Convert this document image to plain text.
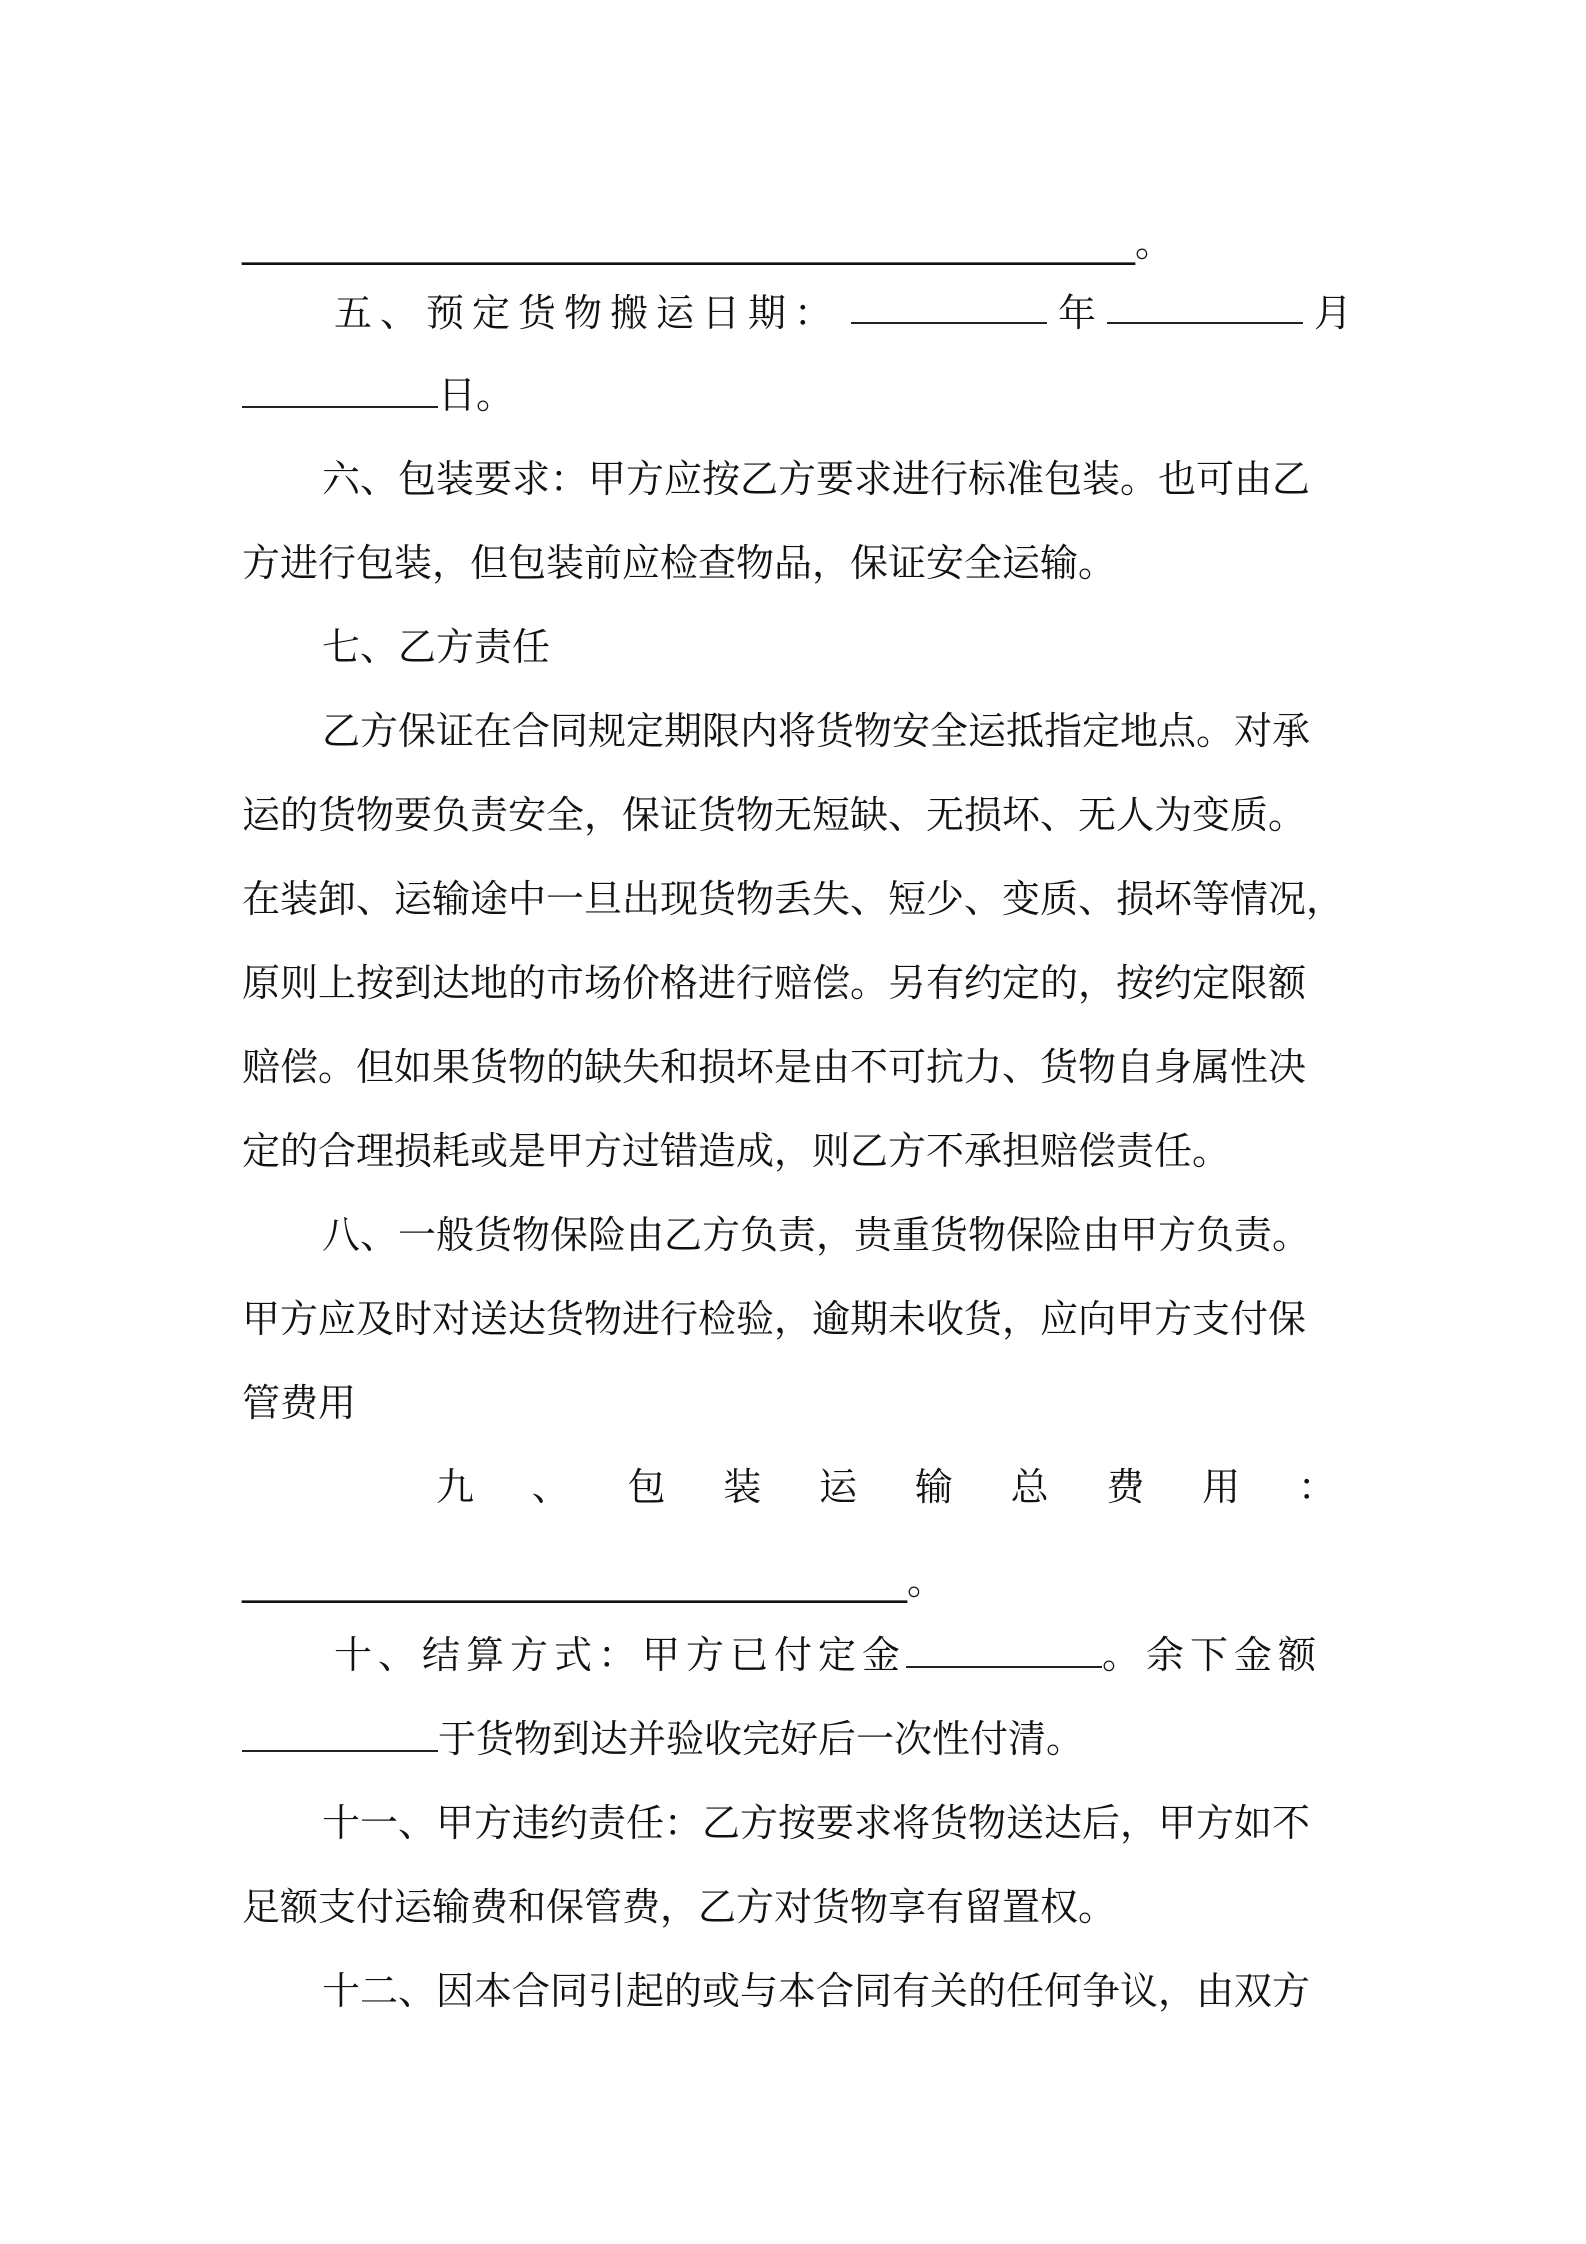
_______________________________________________。
五、预定货物搬运日期：	年	月
日。
六、包装要求：甲方应按乙方要求进行标准包装。也可由乙
方进行包装，但包装前应检查物品，保证安全运输。
七、乙方责任
乙方保证在合同规定期限内将货物安全运抵指定地点。对承
运的货物要负责安全，保证货物无短缺、无损坏、无人为变质。
在装卸、运输途中一旦出现货物丢失、短少、变质、损坏等情况，
原则上按到达地的市场价格进行赔偿。另有约定的，按约定限额
赔偿。但如果货物的缺失和损坏是由不可抗力、货物自身属性决
定的合理损耗或是甲方过错造成，则乙方不承担赔偿责任。
八、一般货物保险由乙方负责，贵重货物保险由甲方负责。
甲方应及时对送达货物进行检验，逾期未收货，应向甲方支付保
管费用
九 、 包 装 运 输 总 费 用 ：
___________________________________。
十、结算方式：甲方已付定金	。余下金额
于货物到达并验收完好后一次性付清。
十一、甲方违约责任：乙方按要求将货物送达后，甲方如不
足额支付运输费和保管费，乙方对货物享有留置权。
十二、因本合同引起的或与本合同有关的任何争议，由双方
